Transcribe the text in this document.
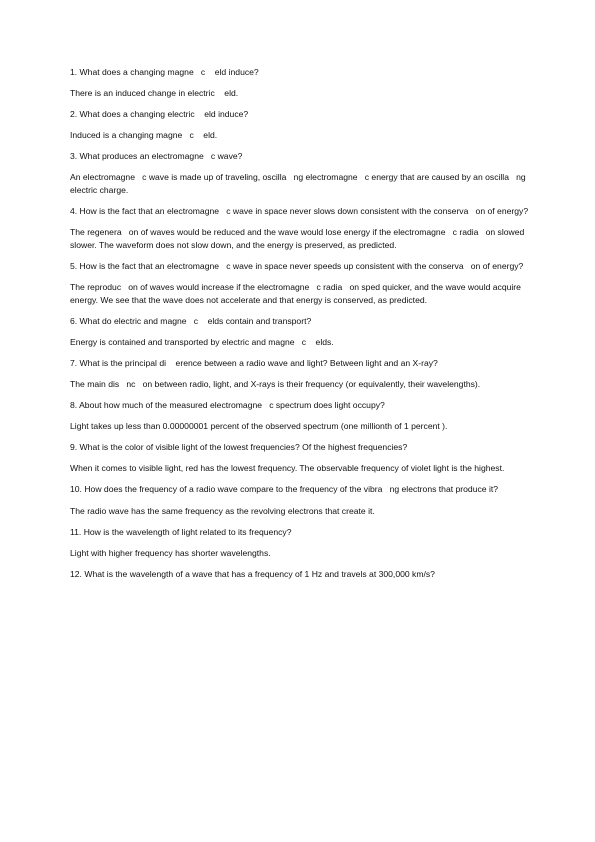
1. What does a changing magne   c    eld induce?

There is an induced change in electric    eld.

2. What does a changing electric    eld induce?

Induced is a changing magne   c    eld.

3. What produces an electromagne   c wave?

An electromagne   c wave is made up of traveling, oscilla   ng electromagne   c energy that are caused by an oscilla   ng electric charge.

4. How is the fact that an electromagne   c wave in space never slows down consistent with the conserva   on of energy?

The regenera   on of waves would be reduced and the wave would lose energy if the electromagne   c radia   on slowed slower. The waveform does not slow down, and the energy is preserved, as predicted.

5. How is the fact that an electromagne   c wave in space never speeds up consistent with the conserva   on of energy?

The reproduc   on of waves would increase if the electromagne   c radia   on sped quicker, and the wave would acquire energy. We see that the wave does not accelerate and that energy is conserved, as predicted.

6. What do electric and magne   c    elds contain and transport?

Energy is contained and transported by electric and magne   c    elds.

7. What is the principal di    erence between a radio wave and light? Between light and an X-ray?

The main dis   nc   on between radio, light, and X-rays is their frequency (or equivalently, their wavelengths).

8. About how much of the measured electromagne   c spectrum does light occupy?

Light takes up less than 0.00000001 percent of the observed spectrum (one millionth of 1 percent ).

9. What is the color of visible light of the lowest frequencies? Of the highest frequencies?

When it comes to visible light, red has the lowest frequency. The observable frequency of violet light is the highest.

10. How does the frequency of a radio wave compare to the frequency of the vibra   ng electrons that produce it?

The radio wave has the same frequency as the revolving electrons that create it.

11. How is the wavelength of light related to its frequency?

Light with higher frequency has shorter wavelengths.

12. What is the wavelength of a wave that has a frequency of 1 Hz and travels at 300,000 km/s?
